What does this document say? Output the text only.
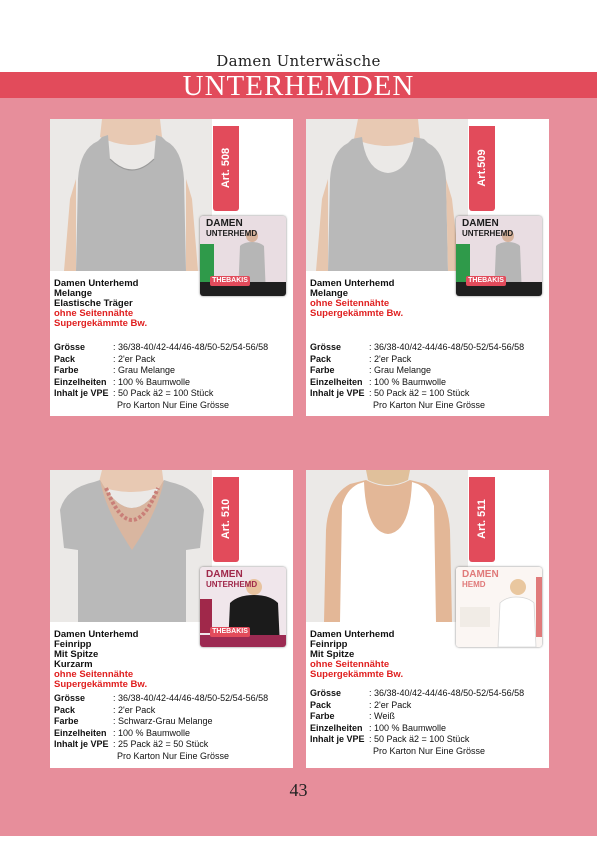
Damen Unterwäsche
UNTERHEMDEN
Art. 508
DAMEN
UNTERHEMD
THEBAKIS
Damen Unterhemd
Melange
Elastische Träger
ohne Seitennähte
Supergekämmte Bw.
Grösse	: 36/38-40/42-44/46-48/50-52/54-56/58
Pack	: 2'er Pack
Farbe	: Grau Melange
Einzelheiten : 100 % Baumwolle
Inhalt je VPE : 50 Pack ä2 = 100 Stück
Pro Karton Nur Eine Grösse
Art.509
DAMEN
UNTERHEMD
THEBAKIS
Damen Unterhemd
Melange
ohne Seitennähte
Supergekämmte Bw.
Grösse	: 36/38-40/42-44/46-48/50-52/54-56/58
Pack	: 2'er Pack
Farbe	: Grau Melange
Einzelheiten : 100 % Baumwolle
Inhalt je VPE : 50 Pack ä2 = 100 Stück
Pro Karton Nur Eine Grösse
Art. 510
DAMEN
UNTERHEMD
THEBAKIS
Damen Unterhemd
Feinripp
Mit Spitze
Kurzarm
ohne Seitennähte
Supergekämmte Bw.
Grösse	: 36/38-40/42-44/46-48/50-52/54-56/58
Pack	: 2'er Pack
Farbe	: Schwarz-Grau Melange
Einzelheiten : 100 % Baumwolle
Inhalt je VPE : 25 Pack ä2 = 50 Stück
Pro Karton Nur Eine Grösse
Art. 511
DAMEN
HEMD
Damen Unterhemd
Feinripp
Mit Spitze
ohne Seitennähte
Supergekämmte Bw.
Grösse	: 36/38-40/42-44/46-48/50-52/54-56/58
Pack	: 2'er Pack
Farbe	: Weiß
Einzelheiten : 100 % Baumwolle
Inhalt je VPE : 50 Pack ä2 = 100 Stück
Pro Karton Nur Eine Grösse
43
